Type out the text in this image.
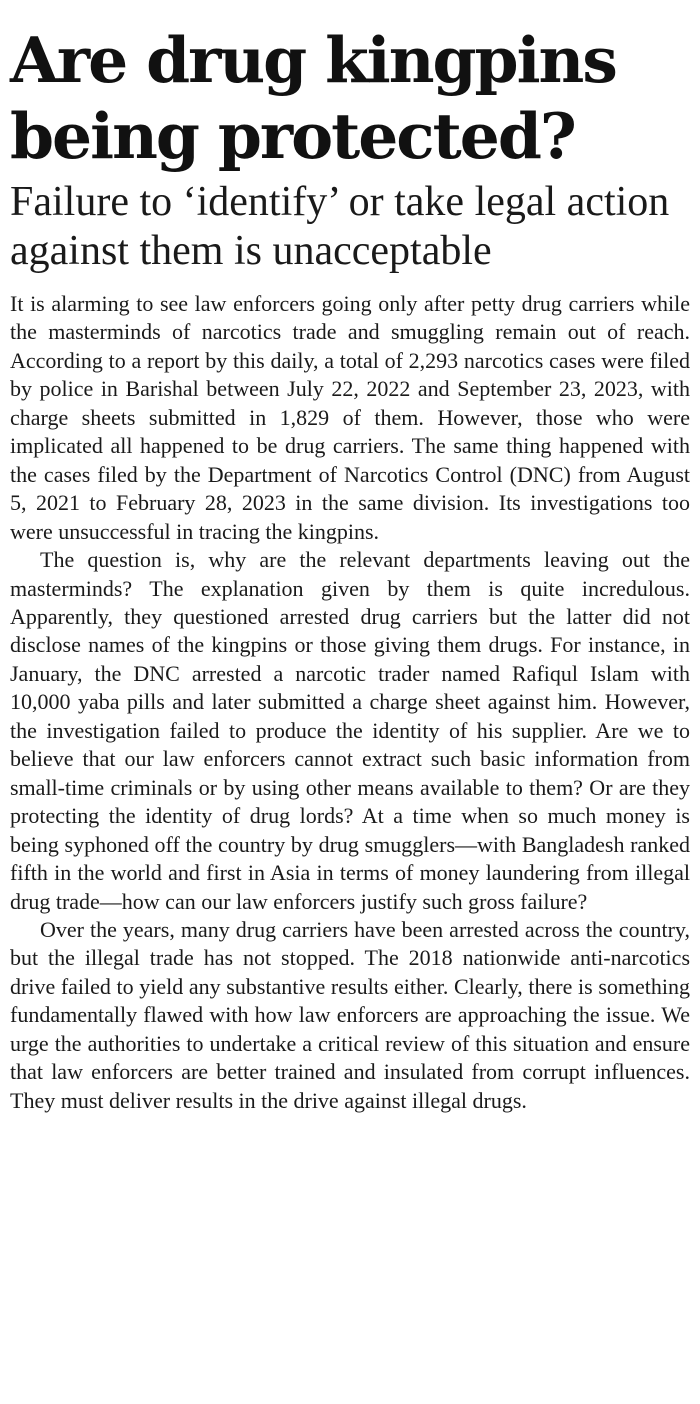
Are drug kingpins being protected?
Failure to ‘identify’ or take legal action against them is unacceptable

It is alarming to see law enforcers going only after petty drug carriers while the masterminds of narcotics trade and smuggling remain out of reach. According to a report by this daily, a total of 2,293 narcotics cases were filed by police in Barishal between July 22, 2022 and September 23, 2023, with charge sheets submitted in 1,829 of them. However, those who were implicated all happened to be drug carriers. The same thing happened with the cases filed by the Department of Narcotics Control (DNC) from August 5, 2021 to February 28, 2023 in the same division. Its investigations too were unsuccessful in tracing the kingpins.

The question is, why are the relevant departments leaving out the masterminds? The explanation given by them is quite incredulous. Apparently, they questioned arrested drug carriers but the latter did not disclose names of the kingpins or those giving them drugs. For instance, in January, the DNC arrested a narcotic trader named Rafiqul Islam with 10,000 yaba pills and later submitted a charge sheet against him. However, the investigation failed to produce the identity of his supplier. Are we to believe that our law enforcers cannot extract such basic information from small-time criminals or by using other means available to them? Or are they protecting the identity of drug lords? At a time when so much money is being syphoned off the country by drug smugglers—with Bangladesh ranked fifth in the world and first in Asia in terms of money laundering from illegal drug trade—how can our law enforcers justify such gross failure?

Over the years, many drug carriers have been arrested across the country, but the illegal trade has not stopped. The 2018 nationwide anti-narcotics drive failed to yield any substantive results either. Clearly, there is something fundamentally flawed with how law enforcers are approaching the issue. We urge the authorities to undertake a critical review of this situation and ensure that law enforcers are better trained and insulated from corrupt influences. They must deliver results in the drive against illegal drugs.
